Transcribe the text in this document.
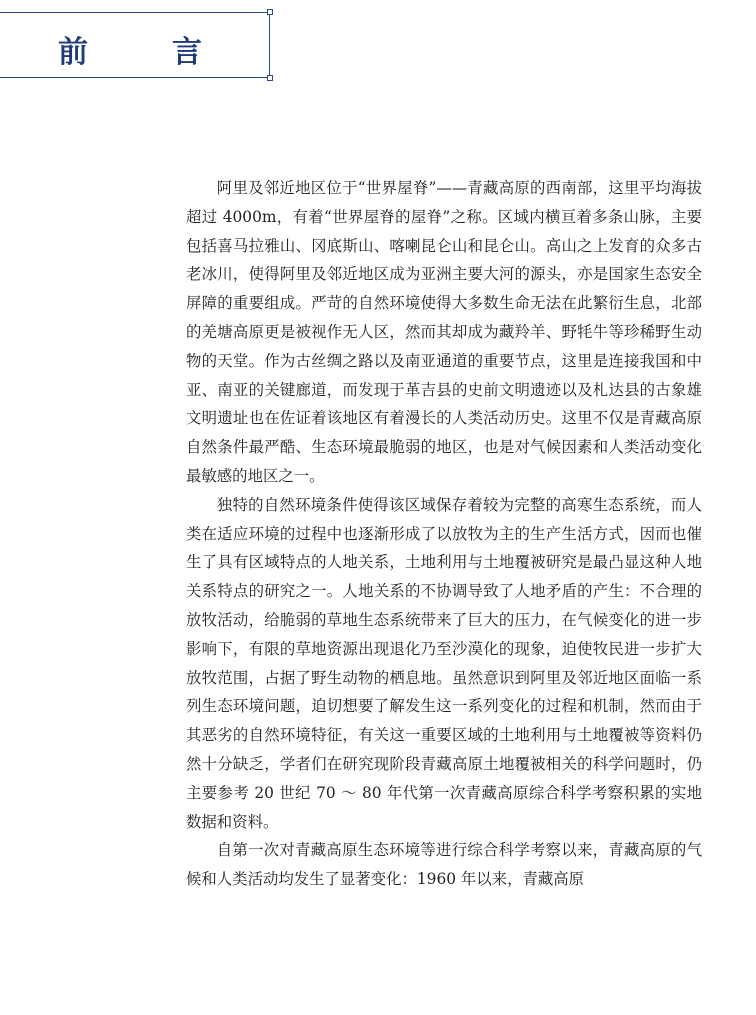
前言

阿里及邻近地区位于“世界屋脊”——青藏高原的西南部，这里平均海拔超过 4000m，有着“世界屋脊的屋脊”之称。区域内横亘着多条山脉，主要包括喜马拉雅山、冈底斯山、喀喇昆仑山和昆仑山。高山之上发育的众多古老冰川，使得阿里及邻近地区成为亚洲主要大河的源头，亦是国家生态安全屏障的重要组成。严苛的自然环境使得大多数生命无法在此繁衍生息，北部的羌塘高原更是被视作无人区，然而其却成为藏羚羊、野牦牛等珍稀野生动物的天堂。作为古丝绸之路以及南亚通道的重要节点，这里是连接我国和中亚、南亚的关键廊道，而发现于革吉县的史前文明遗迹以及札达县的古象雄文明遗址也在佐证着该地区有着漫长的人类活动历史。这里不仅是青藏高原自然条件最严酷、生态环境最脆弱的地区，也是对气候因素和人类活动变化最敏感的地区之一。

独特的自然环境条件使得该区域保存着较为完整的高寒生态系统，而人类在适应环境的过程中也逐渐形成了以放牧为主的生产生活方式，因而也催生了具有区域特点的人地关系，土地利用与土地覆被研究是最凸显这种人地关系特点的研究之一。人地关系的不协调导致了人地矛盾的产生：不合理的放牧活动，给脆弱的草地生态系统带来了巨大的压力，在气候变化的进一步影响下，有限的草地资源出现退化乃至沙漠化的现象，迫使牧民进一步扩大放牧范围，占据了野生动物的栖息地。虽然意识到阿里及邻近地区面临一系列生态环境问题，迫切想要了解发生这一系列变化的过程和机制，然而由于其恶劣的自然环境特征，有关这一重要区域的土地利用与土地覆被等资料仍然十分缺乏，学者们在研究现阶段青藏高原土地覆被相关的科学问题时，仍主要参考 20 世纪 70 ～ 80 年代第一次青藏高原综合科学考察积累的实地数据和资料。

自第一次对青藏高原生态环境等进行综合科学考察以来，青藏高原的气候和人类活动均发生了显著变化：1960 年以来，青藏高原
